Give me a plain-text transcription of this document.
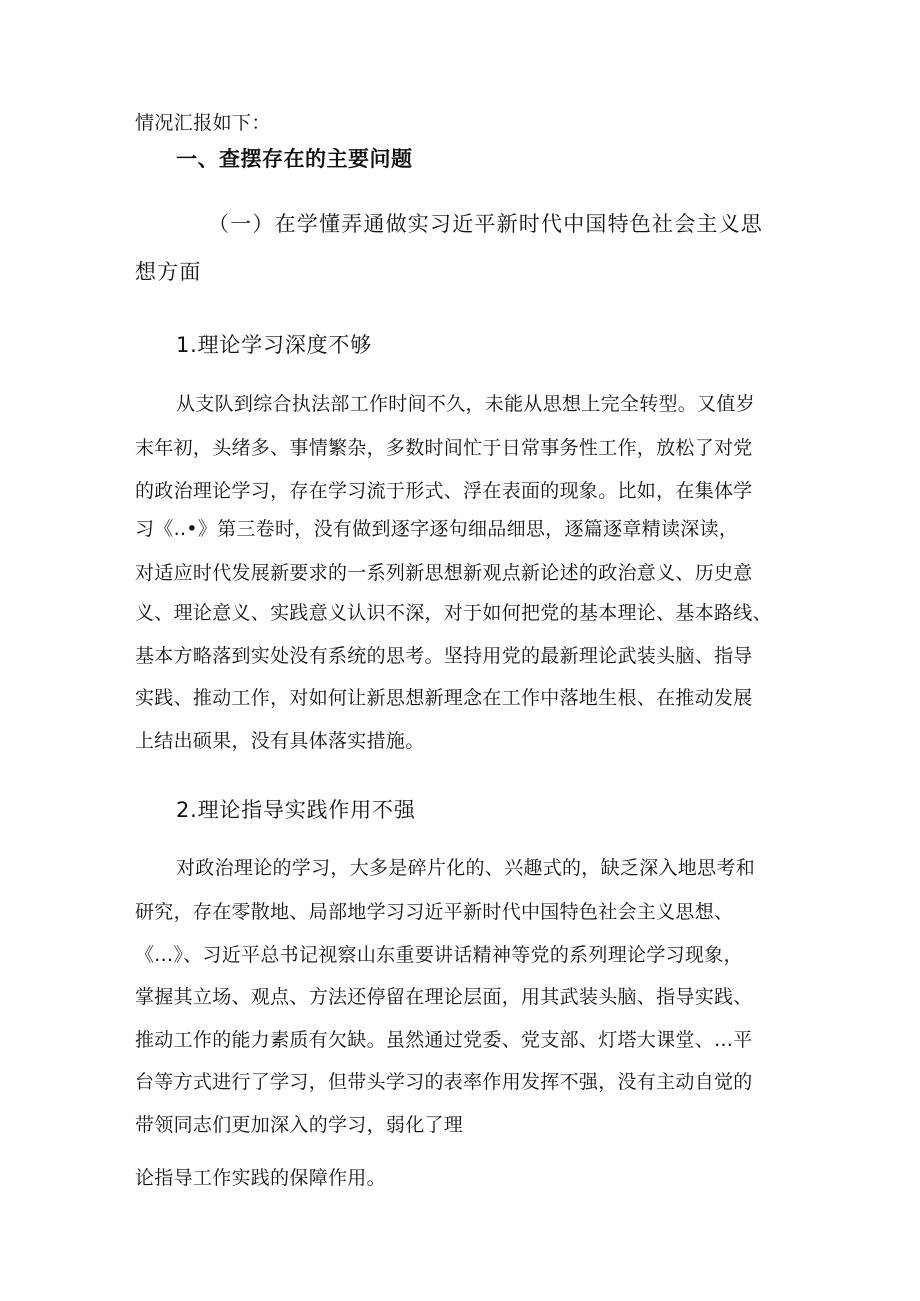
情况汇报如下：
一、查摆存在的主要问题
（一）在学懂弄通做实习近平新时代中国特色社会主义思
想方面
1.理论学习深度不够
从支队到综合执法部工作时间不久，未能从思想上完全转型。又值岁
末年初，头绪多、事情繁杂，多数时间忙于日常事务性工作，放松了对党
的政治理论学习，存在学习流于形式、浮在表面的现象。比如，在集体学
习《..•》第三卷时，没有做到逐字逐句细品细思，逐篇逐章精读深读，
对适应时代发展新要求的一系列新思想新观点新论述的政治意义、历史意
义、理论意义、实践意义认识不深，对于如何把党的基本理论、基本路线、
基本方略落到实处没有系统的思考。坚持用党的最新理论武装头脑、指导
实践、推动工作，对如何让新思想新理念在工作中落地生根、在推动发展
上结出硕果，没有具体落实措施。
2.理论指导实践作用不强
对政治理论的学习，大多是碎片化的、兴趣式的，缺乏深入地思考和
研究，存在零散地、局部地学习习近平新时代中国特色社会主义思想、
《...》、习近平总书记视察山东重要讲话精神等党的系列理论学习现象，
掌握其立场、观点、方法还停留在理论层面，用其武装头脑、指导实践、
推动工作的能力素质有欠缺。虽然通过党委、党支部、灯塔大课堂、…平
台等方式进行了学习，但带头学习的表率作用发挥不强，没有主动自觉的
带领同志们更加深入的学习，弱化了理
论指导工作实践的保障作用。
